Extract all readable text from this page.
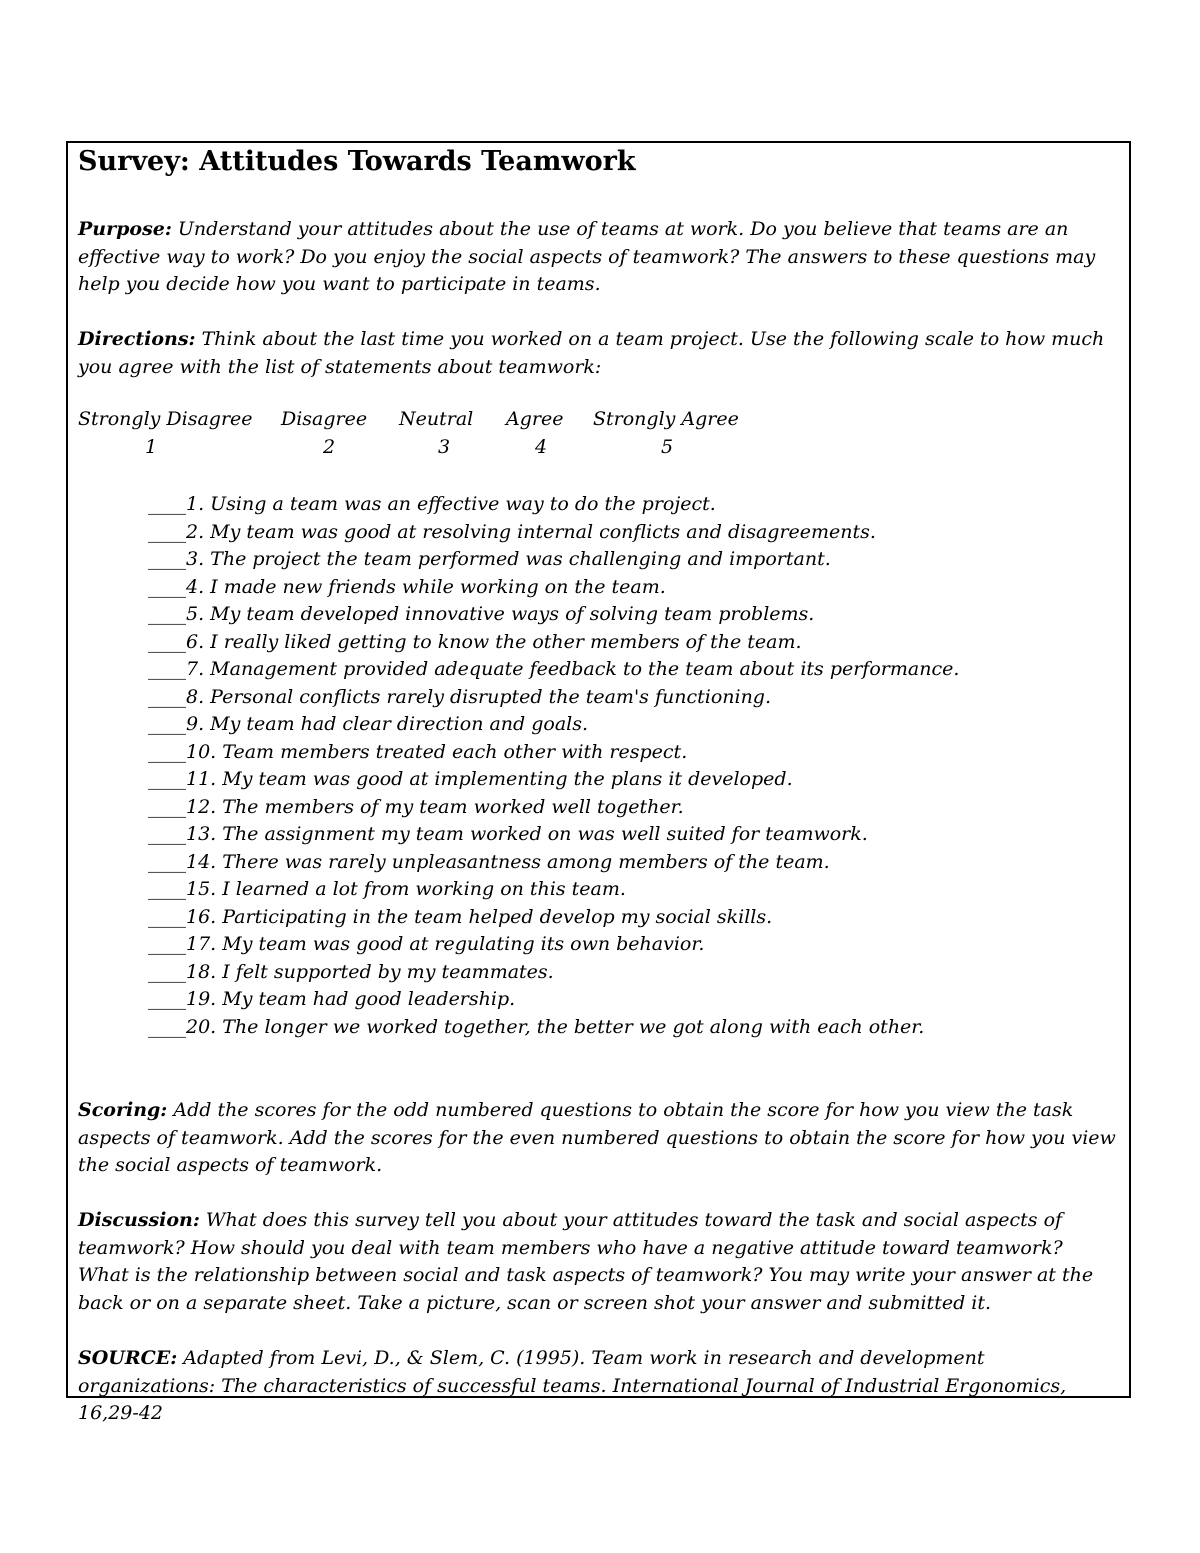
Survey: Attitudes Towards Teamwork

Purpose: Understand your attitudes about the use of teams at work. Do you believe that teams are an effective way to work? Do you enjoy the social aspects of teamwork? The answers to these questions may help you decide how you want to participate in teams.

Directions: Think about the last time you worked on a team project. Use the following scale to how much you agree with the list of statements about teamwork:

Strongly Disagree Disagree Neutral Agree Strongly Agree
1	2	3	4	5
____1. Using a team was an effective way to do the project.
____2. My team was good at resolving internal conflicts and disagreements.
____3. The project the team performed was challenging and important.
____4. I made new friends while working on the team.
____5. My team developed innovative ways of solving team problems.
____6. I really liked getting to know the other members of the team.
____7. Management provided adequate feedback to the team about its performance.
____8. Personal conflicts rarely disrupted the team's functioning.
____9. My team had clear direction and goals.
____10. Team members treated each other with respect.
____11. My team was good at implementing the plans it developed.
____12. The members of my team worked well together.
____13. The assignment my team worked on was well suited for teamwork.
____14. There was rarely unpleasantness among members of the team.
____15. I learned a lot from working on this team.
____16. Participating in the team helped develop my social skills.
____17. My team was good at regulating its own behavior.
____18. I felt supported by my teammates.
____19. My team had good leadership.
____20. The longer we worked together, the better we got along with each other.

Scoring: Add the scores for the odd numbered questions to obtain the score for how you view the task aspects of teamwork. Add the scores for the even numbered questions to obtain the score for how you view the social aspects of teamwork.

Discussion: What does this survey tell you about your attitudes toward the task and social aspects of teamwork? How should you deal with team members who have a negative attitude toward teamwork? What is the relationship between social and task aspects of teamwork? You may write your answer at the back or on a separate sheet. Take a picture, scan or screen shot your answer and submitted it.

SOURCE: Adapted from Levi, D., & Slem, C. (1995). Team work in research and development organizations: The characteristics of successful teams. International Journal of Industrial Ergonomics, 16,29-42
